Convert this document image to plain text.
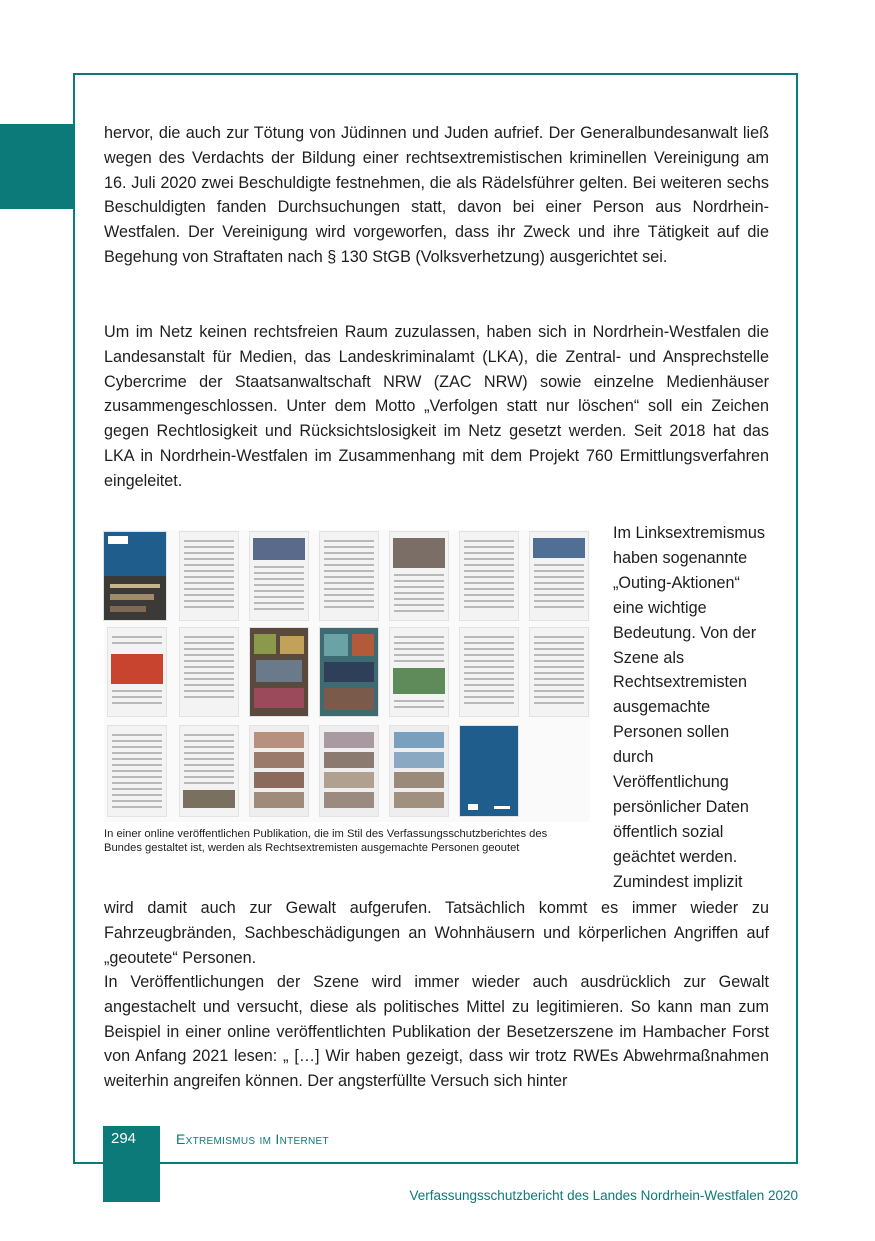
hervor, die auch zur Tötung von Jüdinnen und Juden aufrief. Der Generalbundesanwalt ließ wegen des Verdachts der Bildung einer rechtsextremistischen kriminellen Vereinigung am 16. Juli 2020 zwei Beschuldigte festnehmen, die als Rädelsführer gelten. Bei weiteren sechs Beschuldigten fanden Durchsuchungen statt, davon bei einer Person aus Nordrhein-Westfalen. Der Vereinigung wird vorgeworfen, dass ihr Zweck und ihre Tätigkeit auf die Begehung von Straftaten nach § 130 StGB (Volksverhetzung) ausgerichtet sei.

Um im Netz keinen rechtsfreien Raum zuzulassen, haben sich in Nordrhein-Westfalen die Landesanstalt für Medien, das Landeskriminalamt (LKA), die Zentral- und Ansprechstelle Cybercrime der Staatsanwaltschaft NRW (ZAC NRW) sowie einzelne Medienhäuser zusammengeschlossen. Unter dem Motto „Verfolgen statt nur löschen“ soll ein Zeichen gegen Rechtlosigkeit und Rücksichtslosigkeit im Netz gesetzt werden. Seit 2018 hat das LKA in Nordrhein-Westfalen im Zusammenhang mit dem Projekt 760 Ermittlungsverfahren eingeleitet.

In einer online veröffentlichen Publikation, die im Stil des Verfassungsschutzberichtes des Bundes gestaltet ist, werden als Rechtsextremisten ausgemachte Personen geoutet

Im Linksextremismus haben sogenannte „Outing-Aktionen“ eine wichtige Bedeutung. Von der Szene als Rechtsextremisten ausgemachte Personen sollen durch Veröffentlichung persönlicher Daten öffentlich sozial geächtet werden. Zumindest implizit

wird damit auch zur Gewalt aufgerufen. Tatsächlich kommt es immer wieder zu Fahrzeugbränden, Sachbeschädigungen an Wohnhäusern und körperlichen Angriffen auf „geoutete“ Personen.

In Veröffentlichungen der Szene wird immer wieder auch ausdrücklich zur Gewalt angestachelt und versucht, diese als politisches Mittel zu legitimieren. So kann man zum Beispiel in einer online veröffentlichten Publikation der Besetzerszene im Hambacher Forst von Anfang 2021 lesen: „ […] Wir haben gezeigt, dass wir trotz RWEs Abwehrmaßnahmen weiterhin angreifen können. Der angsterfüllte Versuch sich hinter

294	Extremismus im Internet
Verfassungsschutzbericht des Landes Nordrhein-Westfalen 2020
